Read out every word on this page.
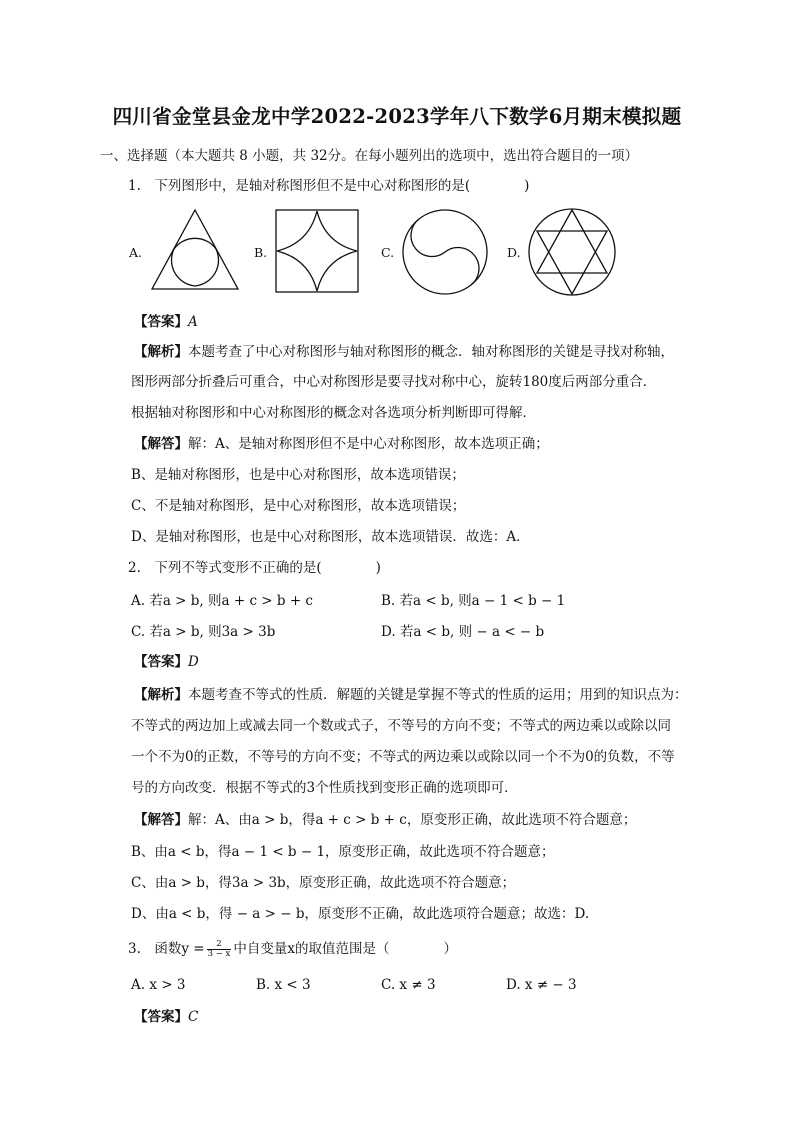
四川省金堂县金龙中学2022-2023学年八下数学6月期末模拟题
一、选择题（本大题共 8 小题，共 32分。在每小题列出的选项中，选出符合题目的一项）
1.　下列图形中，是轴对称图形但不是中心对称图形的是(　　　　)
A.	B.	C.	D.
【答案】A
【解析】本题考查了中心对称图形与轴对称图形的概念．轴对称图形的关键是寻找对称轴，
图形两部分折叠后可重合，中心对称图形是要寻找对称中心，旋转180度后两部分重合．
根据轴对称图形和中心对称图形的概念对各选项分析判断即可得解．
【解答】解：A、是轴对称图形但不是中心对称图形，故本选项正确；
B、是轴对称图形，也是中心对称图形，故本选项错误；
C、不是轴对称图形，是中心对称图形，故本选项错误；
D、是轴对称图形，也是中心对称图形，故本选项错误．故选：A．
2.　下列不等式变形不正确的是(　　　　)
A. 若a > b, 则a + c > b + c	B. 若a < b, 则a − 1 < b − 1
C. 若a > b, 则3a > 3b	D. 若a < b, 则 − a < − b
【答案】D
【解析】本题考查不等式的性质．解题的关键是掌握不等式的性质的运用；用到的知识点为：
不等式的两边加上或减去同一个数或式子，不等号的方向不变；不等式的两边乘以或除以同
一个不为0的正数，不等号的方向不变；不等式的两边乘以或除以同一个不为0的负数，不等
号的方向改变．根据不等式的3个性质找到变形正确的选项即可．
【解答】解：A、由a > b，得a + c > b + c，原变形正确，故此选项不符合题意；
B、由a < b，得a − 1 < b − 1，原变形正确，故此选项不符合题意；
C、由a > b，得3a > 3b，原变形正确，故此选项不符合题意；
D、由a < b，得 − a > − b，原变形不正确，故此选项符合题意；故选：D.
3.　函数$y = \frac{2}{3 - x}$ 中自变量x的取值范围是（　　　　）
A. x > 3	B. x < 3	C. x ≠ 3	D. x ≠ − 3
【答案】C
